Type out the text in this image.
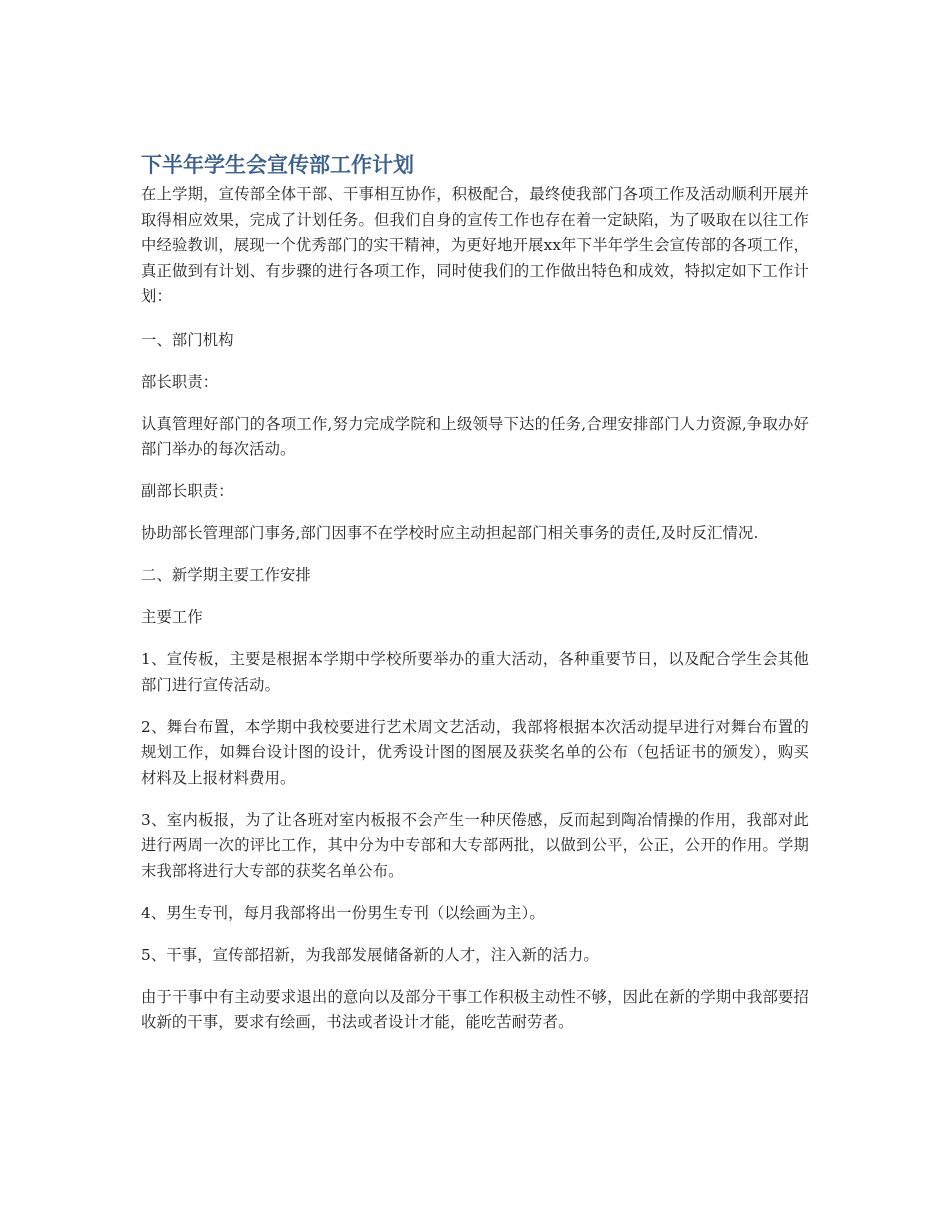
下半年学生会宣传部工作计划

在上学期，宣传部全体干部、干事相互协作，积极配合，最终使我部门各项工作及活动顺利开展并取得相应效果，完成了计划任务。但我们自身的宣传工作也存在着一定缺陷，为了吸取在以往工作中经验教训，展现一个优秀部门的实干精神，为更好地开展xx年下半年学生会宣传部的各项工作，真正做到有计划、有步骤的进行各项工作，同时使我们的工作做出特色和成效，特拟定如下工作计划：

一、部门机构

部长职责：

认真管理好部门的各项工作,努力完成学院和上级领导下达的任务,合理安排部门人力资源,争取办好部门举办的每次活动。

副部长职责：

协助部长管理部门事务,部门因事不在学校时应主动担起部门相关事务的责任,及时反汇情况.

二、新学期主要工作安排

主要工作

1、宣传板，主要是根据本学期中学校所要举办的重大活动，各种重要节日，以及配合学生会其他部门进行宣传活动。

2、舞台布置，本学期中我校要进行艺术周文艺活动，我部将根据本次活动提早进行对舞台布置的规划工作，如舞台设计图的设计，优秀设计图的图展及获奖名单的公布（包括证书的颁发），购买材料及上报材料费用。

3、室内板报，为了让各班对室内板报不会产生一种厌倦感，反而起到陶冶情操的作用，我部对此进行两周一次的评比工作，其中分为中专部和大专部两批，以做到公平，公正，公开的作用。学期末我部将进行大专部的获奖名单公布。

4、男生专刊，每月我部将出一份男生专刊（以绘画为主）。

5、干事，宣传部招新，为我部发展储备新的人才，注入新的活力。

由于干事中有主动要求退出的意向以及部分干事工作积极主动性不够，因此在新的学期中我部要招收新的干事，要求有绘画，书法或者设计才能，能吃苦耐劳者。
